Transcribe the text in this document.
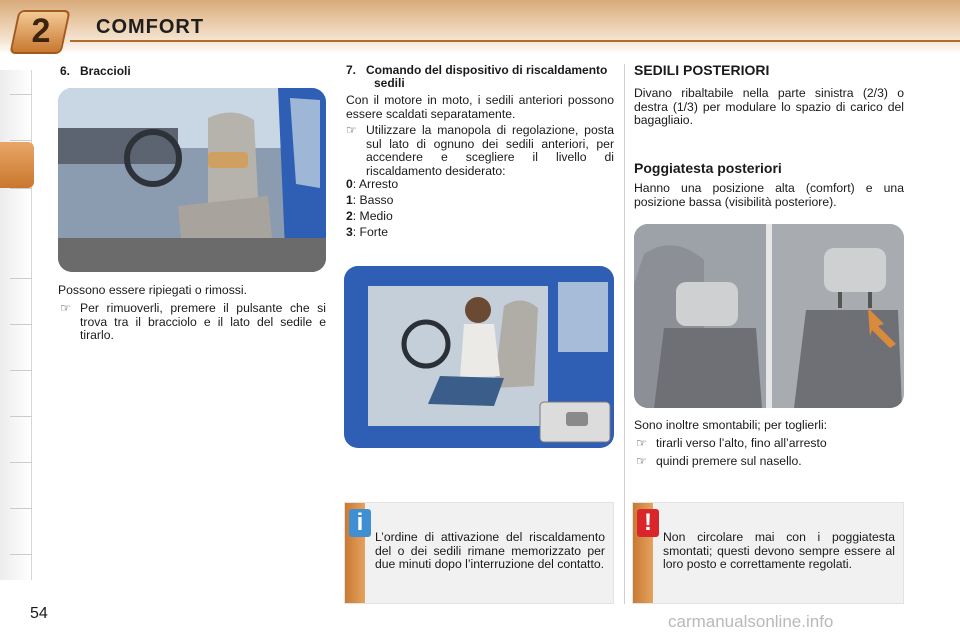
2	COMFORT
6.   Braccioli
Possono essere ripiegati o rimossi.
☞ Per rimuoverli, premere il pulsante che si trova tra il bracciolo e il lato del sedile e tirarlo.
7.   Comando del dispositivo di riscaldamento sedili
Con il motore in moto, i sedili anteriori possono essere scaldati separatamente.
☞ Utilizzare la manopola di regolazione, posta sul lato di ognuno dei sedili anteriori, per accendere e scegliere il livello di riscaldamento desiderato:
0: Arresto
1: Basso
2: Medio
3: Forte
SEDILI POSTERIORI
Divano ribaltabile nella parte sinistra (2/3) o destra (1/3) per modulare lo spazio di carico del bagagliaio.
Poggiatesta posteriori
Hanno una posizione alta (comfort) e una posizione bassa (visibilità posteriore).
Sono inoltre smontabili; per toglierli:
☞ tirarli verso l’alto, fino all’arresto
☞ quindi premere sul nasello.
i
L’ordine di attivazione del riscaldamento del o dei sedili rimane memorizzato per due minuti dopo l’interruzione del contatto.
!
Non circolare mai con i poggiatesta smontati; questi devono sempre essere al loro posto e correttamente regolati.
54	carmanualsonline.info
